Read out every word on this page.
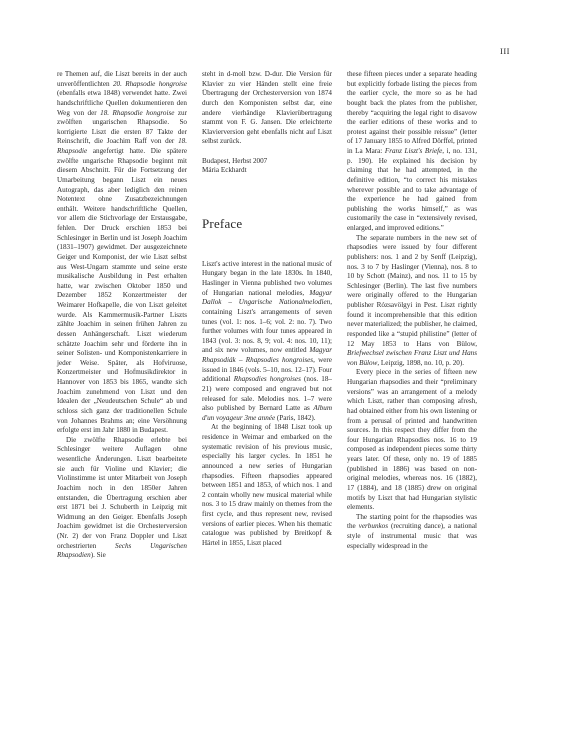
III

re Themen auf, die Liszt bereits in der auch unveröffentlichten 20. Rhapsodie hongroise (ebenfalls etwa 1848) verwendet hatte. Zwei handschriftliche Quellen dokumentieren den Weg von der 18. Rhapsodie hongroise zur zwölften ungarischen Rhapsodie. So korrigierte Liszt die ersten 87 Takte der Reinschrift, die Joachim Raff von der 18. Rhapsodie angefertigt hatte. Die spätere zwölfte ungarische Rhapsodie beginnt mit diesem Abschnitt. Für die Fortsetzung der Umarbeitung begann Liszt ein neues Autograph, das aber lediglich den reinen Notentext ohne Zusatzbezeichnungen enthält. Weitere handschriftliche Quellen, vor allem die Stichvorlage der Erstausgabe, fehlen. Der Druck erschien 1853 bei Schlesinger in Berlin und ist Joseph Joachim (1831–1907) gewidmet. Der ausgezeichnete Geiger und Komponist, der wie Liszt selbst aus West-Ungarn stammte und seine erste musikalische Ausbildung in Pest erhalten hatte, war zwischen Oktober 1850 und Dezember 1852 Konzertmeister der Weimarer Hofkapelle, die von Liszt geleitet wurde. Als Kammermusik-Partner Liszts zählte Joachim in seinen frühen Jahren zu dessen Anhängerschaft. Liszt wiederum schätzte Joachim sehr und förderte ihn in seiner Solisten- und Komponistenkarriere in jeder Weise. Später, als Hofviruose, Konzertmeister und Hofmusikdirektor in Hannover von 1853 bis 1865, wandte sich Joachim zunehmend von Liszt und den Idealen der „Neudeutschen Schule“ ab und schloss sich ganz der traditionellen Schule von Johannes Brahms an; eine Versöhnung erfolgte erst im Jahr 1880 in Budapest.

Die zwölfte Rhapsodie erlebte bei Schlesinger weitere Auflagen ohne wesentliche Änderungen. Liszt bearbeitete sie auch für Violine und Klavier; die Violinstimme ist unter Mitarbeit von Joseph Joachim noch in den 1850er Jahren entstanden, die Übertragung erschien aber erst 1871 bei J. Schuberth in Leipzig mit Widmung an den Geiger. Ebenfalls Joseph Joachim gewidmet ist die Orchesterversion (Nr. 2) der von Franz Doppler und Liszt orchestrierten Sechs Ungarischen Rhapsodien). Sie

steht in d-moll bzw. D-dur. Die Version für Klavier zu vier Händen stellt eine freie Übertragung der Orchesterversion von 1874 durch den Komponisten selbst dar, eine andere vierhändige Klavierübertragung stammt von F. G. Jansen. Die erleichterte Klavierversion geht ebenfalls nicht auf Liszt selbst zurück.

Budapest, Herbst 2007

Mária Eckhardt

Preface

Liszt's active interest in the national music of Hungary began in the late 1830s. In 1840, Haslinger in Vienna published two volumes of Hungarian national melodies, Magyar Dallok – Ungarische Nationalmelodien, containing Liszt's arrangements of seven tunes (vol. 1: nos. 1–6; vol. 2: no. 7). Two further volumes with four tunes appeared in 1843 (vol. 3: nos. 8, 9; vol. 4: nos. 10, 11); and six new volumes, now entitled Magyar Rhapsodiák – Rhapsodies hongroises, were issued in 1846 (vols. 5–10, nos. 12–17). Four additional Rhapsodies hongroises (nos. 18–21) were composed and engraved but not released for sale. Melodies nos. 1–7 were also published by Bernard Latte as Album d'un voyageur 3me année (Paris, 1842).

At the beginning of 1848 Liszt took up residence in Weimar and embarked on the systematic revision of his previous music, especially his larger cycles. In 1851 he announced a new series of Hungarian rhapsodies. Fifteen rhapsodies appeared between 1851 and 1853, of which nos. 1 and 2 contain wholly new musical material while nos. 3 to 15 draw mainly on themes from the first cycle, and thus represent new, revised versions of earlier pieces. When his thematic catalogue was published by Breitkopf & Härtel in 1855, Liszt placed

these fifteen pieces under a separate heading but explicitly forbade listing the pieces from the earlier cycle, the more so as he had bought back the plates from the publisher, thereby “acquiring the legal right to disavow the earlier editions of these works and to protest against their possible reissue” (letter of 17 January 1855 to Alfred Dörffel, printed in La Mara: Franz Liszt's Briefe, i, no. 131, p. 190). He explained his decision by claiming that he had attempted, in the definitive edition, “to correct his mistakes wherever possible and to take advantage of the experience he had gained from publishing the works himself,” as was customarily the case in “extensively revised, enlarged, and improved editions.”

The separate numbers in the new set of rhapsodies were issued by four different publishers: nos. 1 and 2 by Senff (Leipzig), nos. 3 to 7 by Haslinger (Vienna), nos. 8 to 10 by Schott (Mainz), and nos. 11 to 15 by Schlesinger (Berlin). The last five numbers were originally offered to the Hungarian publisher Rózsavölgyi in Pest. Liszt rightly found it incomprehensible that this edition never materialized; the publisher, he claimed, responded like a “stupid philistine” (letter of 12 May 1853 to Hans von Bülow, Briefwechsel zwischen Franz Liszt und Hans von Bülow, Leipzig, 1898, no. 10, p. 20).

Every piece in the series of fifteen new Hungarian rhapsodies and their “preliminary versions” was an arrangement of a melody which Liszt, rather than composing afresh, had obtained either from his own listening or from a perusal of printed and handwritten sources. In this respect they differ from the four Hungarian Rhapsodies nos. 16 to 19 composed as independent pieces some thirty years later. Of these, only no. 19 of 1885 (published in 1886) was based on non-original melodies, whereas nos. 16 (1882), 17 (1884), and 18 (1885) drew on original motifs by Liszt that had Hungarian stylistic elements.

The starting point for the rhapsodies was the verbunkos (recruiting dance), a national style of instrumental music that was especially widespread in the
